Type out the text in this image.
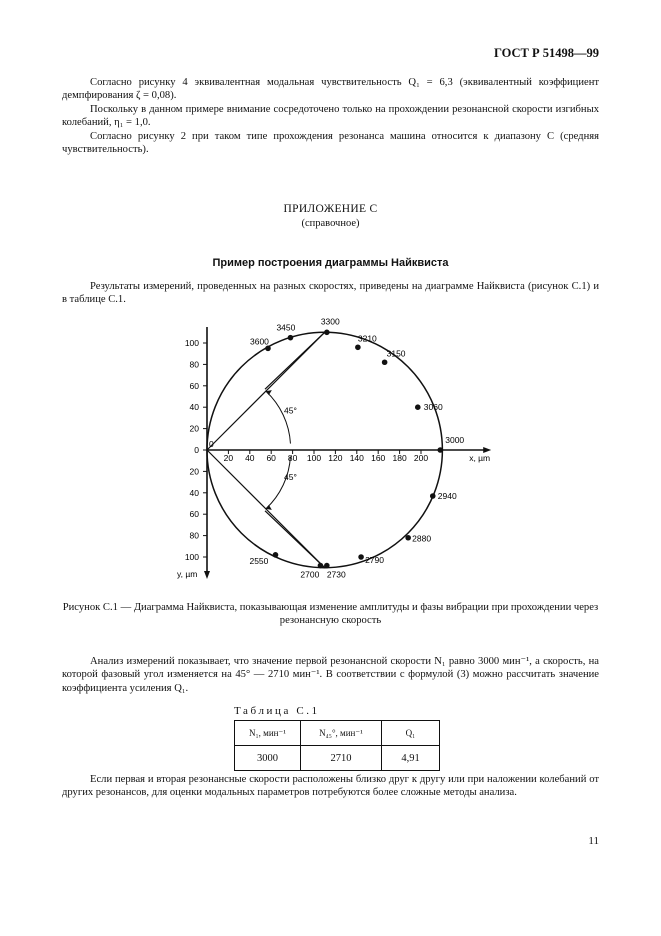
ГОСТ Р 51498—99
Согласно рисунку 4 эквивалентная модальная чувствительность Q₁ = 6,3 (эквивалентный коэффициент демпфирования ζ = 0,08).
Поскольку в данном примере внимание сосредоточено только на прохождении резонансной скорости изгибных колебаний, η₁ = 1,0.
Согласно рисунку 2 при таком типе прохождения резонанса машина относится к диапазону С (средняя чувствительность).
ПРИЛОЖЕНИЕ С
(справочное)
Пример построения диаграммы Найквиста
Результаты измерений, проведенных на разных скоростях, приведены на диаграмме Найквиста (рисунок С.1) и в таблице С.1.
20 40 60 80 100 120 140 160 180 200
100
80
60
40
20
0
20
40
60
80
100
x, µm
y, µm
45°
45°
3600
3450
3300
3210
3150
3060
3000
2940
2880
2790
2730
2700
2550
0
Рисунок С.1 — Диаграмма Найквиста, показывающая изменение амплитуды и фазы вибрации при прохождении через резонансную скорость
Анализ измерений показывает, что значение первой резонансной скорости N₁ равно 3000 мин⁻¹, а скорость, на которой фазовый угол изменяется на 45° — 2710 мин⁻¹. В соответствии с формулой (3) можно рассчитать значение коэффициента усиления Q₁.
Таблица С.1
N₁, мин⁻¹	N₄₅°, мин⁻¹	Q₁
3000	2710	4,91
Если первая и вторая резонансные скорости расположены близко друг к другу или при наложении колебаний от других резонансов, для оценки модальных параметров потребуются более сложные методы анализа.
11
